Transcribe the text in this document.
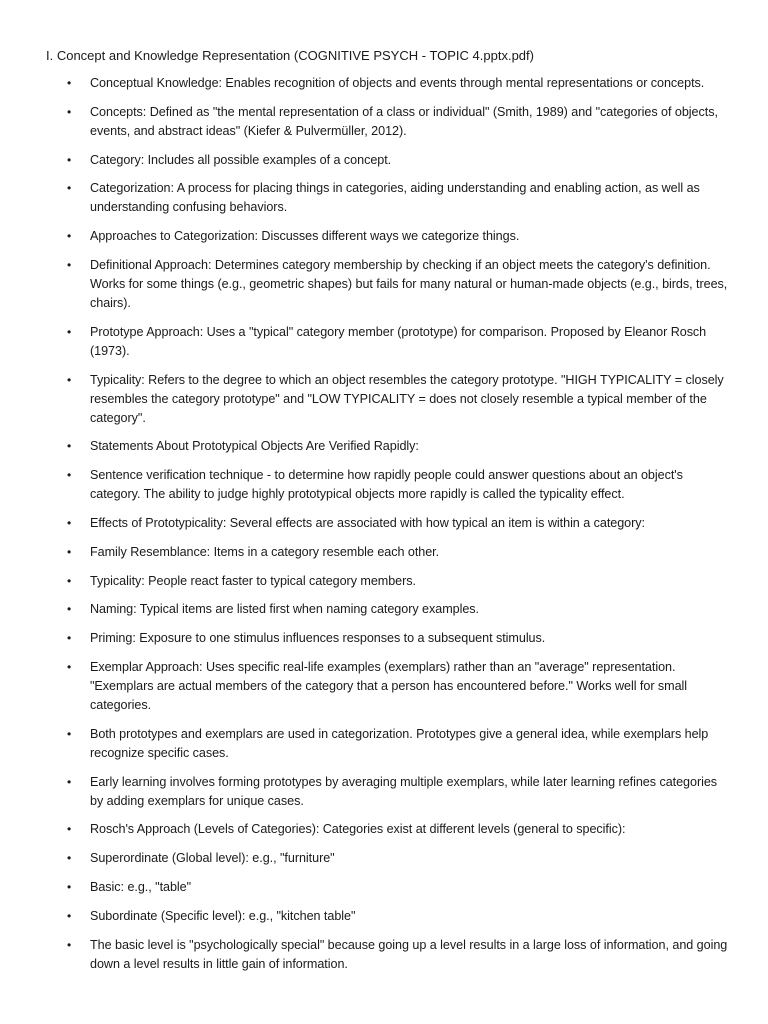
I. Concept and Knowledge Representation (COGNITIVE PSYCH - TOPIC 4.pptx.pdf)
• Conceptual Knowledge: Enables recognition of objects and events through mental representations or concepts.
• Concepts: Defined as "the mental representation of a class or individual" (Smith, 1989) and "categories of objects, events, and abstract ideas" (Kiefer & Pulvermüller, 2012).
• Category: Includes all possible examples of a concept.
• Categorization: A process for placing things in categories, aiding understanding and enabling action, as well as understanding confusing behaviors.
• Approaches to Categorization: Discusses different ways we categorize things.
• Definitional Approach: Determines category membership by checking if an object meets the category's definition. Works for some things (e.g., geometric shapes) but fails for many natural or human-made objects (e.g., birds, trees, chairs).
• Prototype Approach: Uses a "typical" category member (prototype) for comparison. Proposed by Eleanor Rosch (1973).
• Typicality: Refers to the degree to which an object resembles the category prototype. "HIGH TYPICALITY = closely resembles the category prototype" and "LOW TYPICALITY = does not closely resemble a typical member of the category".
• Statements About Prototypical Objects Are Verified Rapidly:
• Sentence verification technique - to determine how rapidly people could answer questions about an object's category. The ability to judge highly prototypical objects more rapidly is called the typicality effect.
• Effects of Prototypicality: Several effects are associated with how typical an item is within a category:
• Family Resemblance: Items in a category resemble each other.
• Typicality: People react faster to typical category members.
• Naming: Typical items are listed first when naming category examples.
• Priming: Exposure to one stimulus influences responses to a subsequent stimulus.
• Exemplar Approach: Uses specific real-life examples (exemplars) rather than an "average" representation. "Exemplars are actual members of the category that a person has encountered before." Works well for small categories.
• Both prototypes and exemplars are used in categorization. Prototypes give a general idea, while exemplars help recognize specific cases.
• Early learning involves forming prototypes by averaging multiple exemplars, while later learning refines categories by adding exemplars for unique cases.
• Rosch's Approach (Levels of Categories): Categories exist at different levels (general to specific):
• Superordinate (Global level): e.g., "furniture"
• Basic: e.g., "table"
• Subordinate (Specific level): e.g., "kitchen table"
• The basic level is "psychologically special" because going up a level results in a large loss of information, and going down a level results in little gain of information.
